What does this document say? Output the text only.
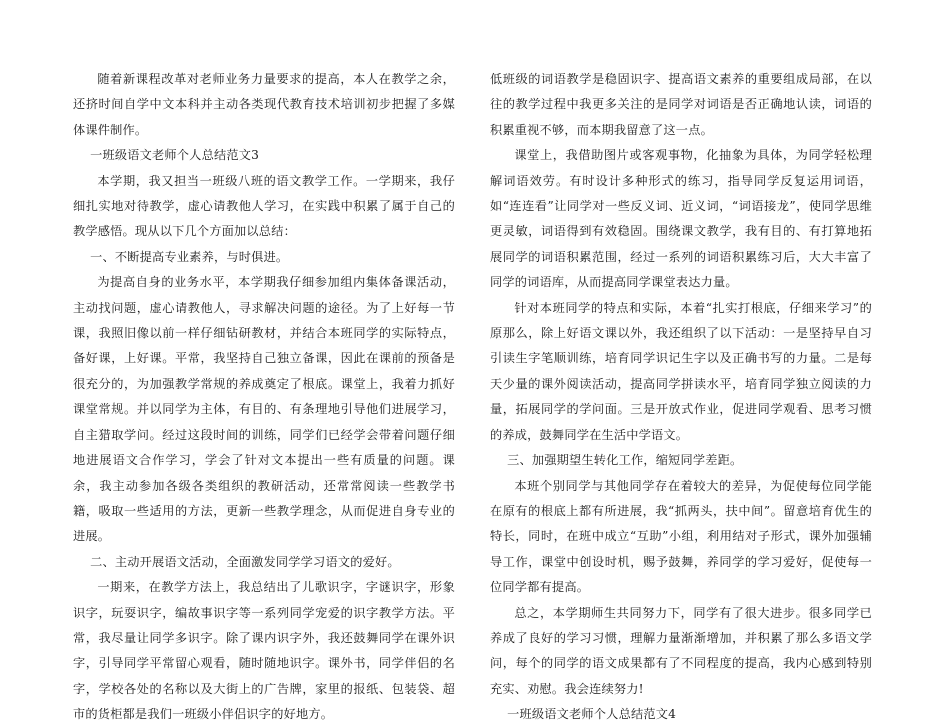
随着新课程改革对老师业务力量要求的提高，本人在教学之余，还挤时间自学中文本科并主动各类现代教育技术培训初步把握了多媒体课件制作。

一班级语文老师个人总结范文3

本学期，我又担当一班级八班的语文教学工作。一学期来，我仔细扎实地对待教学，虚心请教他人学习，在实践中积累了属于自己的教学感悟。现从以下几个方面加以总结：

一、不断提高专业素养，与时俱进。

为提高自身的业务水平，本学期我仔细参加组内集体备课活动，主动找问题，虚心请教他人，寻求解决问题的途径。为了上好每一节课，我照旧像以前一样仔细钻研教材，并结合本班同学的实际特点，备好课，上好课。平常，我坚持自己独立备课，因此在课前的预备是很充分的，为加强教学常规的养成奠定了根底。课堂上，我着力抓好课堂常规。并以同学为主体，有目的、有条理地引导他们进展学习，自主猎取学问。经过这段时间的训练，同学们已经学会带着问题仔细地进展语文合作学习，学会了针对文本提出一些有质量的问题。课余，我主动参加各级各类组织的教研活动，还常常阅读一些教学书籍，吸取一些适用的方法，更新一些教学理念，从而促进自身专业的进展。

二、主动开展语文活动，全面激发同学学习语文的爱好。

一期来，在教学方法上，我总结出了儿歌识字，字谜识字，形象识字，玩耍识字，编故事识字等一系列同学宠爱的识字教学方法。平常，我尽量让同学多识字。除了课内识字外，我还鼓舞同学在课外识字，引导同学平常留心观看，随时随地识字。课外书，同学伴侣的名字，学校各处的名称以及大街上的广告牌，家里的报纸、包装袋、超市的货柜都是我们一班级小伴侣识字的好地方。

低班级的词语教学是稳固识字、提高语文素养的重要组成局部，在以往的教学过程中我更多关注的是同学对词语是否正确地认读，词语的积累重视不够，而本期我留意了这一点。

课堂上，我借助图片或客观事物，化抽象为具体，为同学轻松理解词语效劳。有时设计多种形式的练习，指导同学反复运用词语，如“连连看”让同学对一些反义词、近义词，“词语接龙”，使同学思维更灵敏，词语得到有效稳固。围绕课文教学，我有目的、有打算地拓展同学的词语积累范围，经过一系列的词语积累练习后，大大丰富了同学的词语库，从而提高同学课堂表达力量。

针对本班同学的特点和实际，本着“扎实打根底，仔细来学习”的原那么，除上好语文课以外，我还组织了以下活动：一是坚持早自习引读生字笔顺训练，培育同学识记生字以及正确书写的力量。二是每天少量的课外阅读活动，提高同学拼读水平，培育同学独立阅读的力量，拓展同学的学问面。三是开放式作业，促进同学观看、思考习惯的养成，鼓舞同学在生活中学语文。

三、加强期望生转化工作，缩短同学差距。

本班个别同学与其他同学存在着较大的差异，为促使每位同学能在原有的根底上都有所进展，我“抓两头，扶中间”。留意培育优生的特长，同时，在班中成立“互助”小组，利用结对子形式，课外加强辅导工作，课堂中创设时机，赐予鼓舞，养同学的学习爱好，促使每一位同学都有提高。

总之，本学期师生共同努力下，同学有了很大进步。很多同学已养成了良好的学习习惯，理解力量渐渐增加，并积累了那么多语文学问，每个的同学的语文成果都有了不同程度的提高，我内心感到特别充实、劝慰。我会连续努力!

一班级语文老师个人总结范文4
